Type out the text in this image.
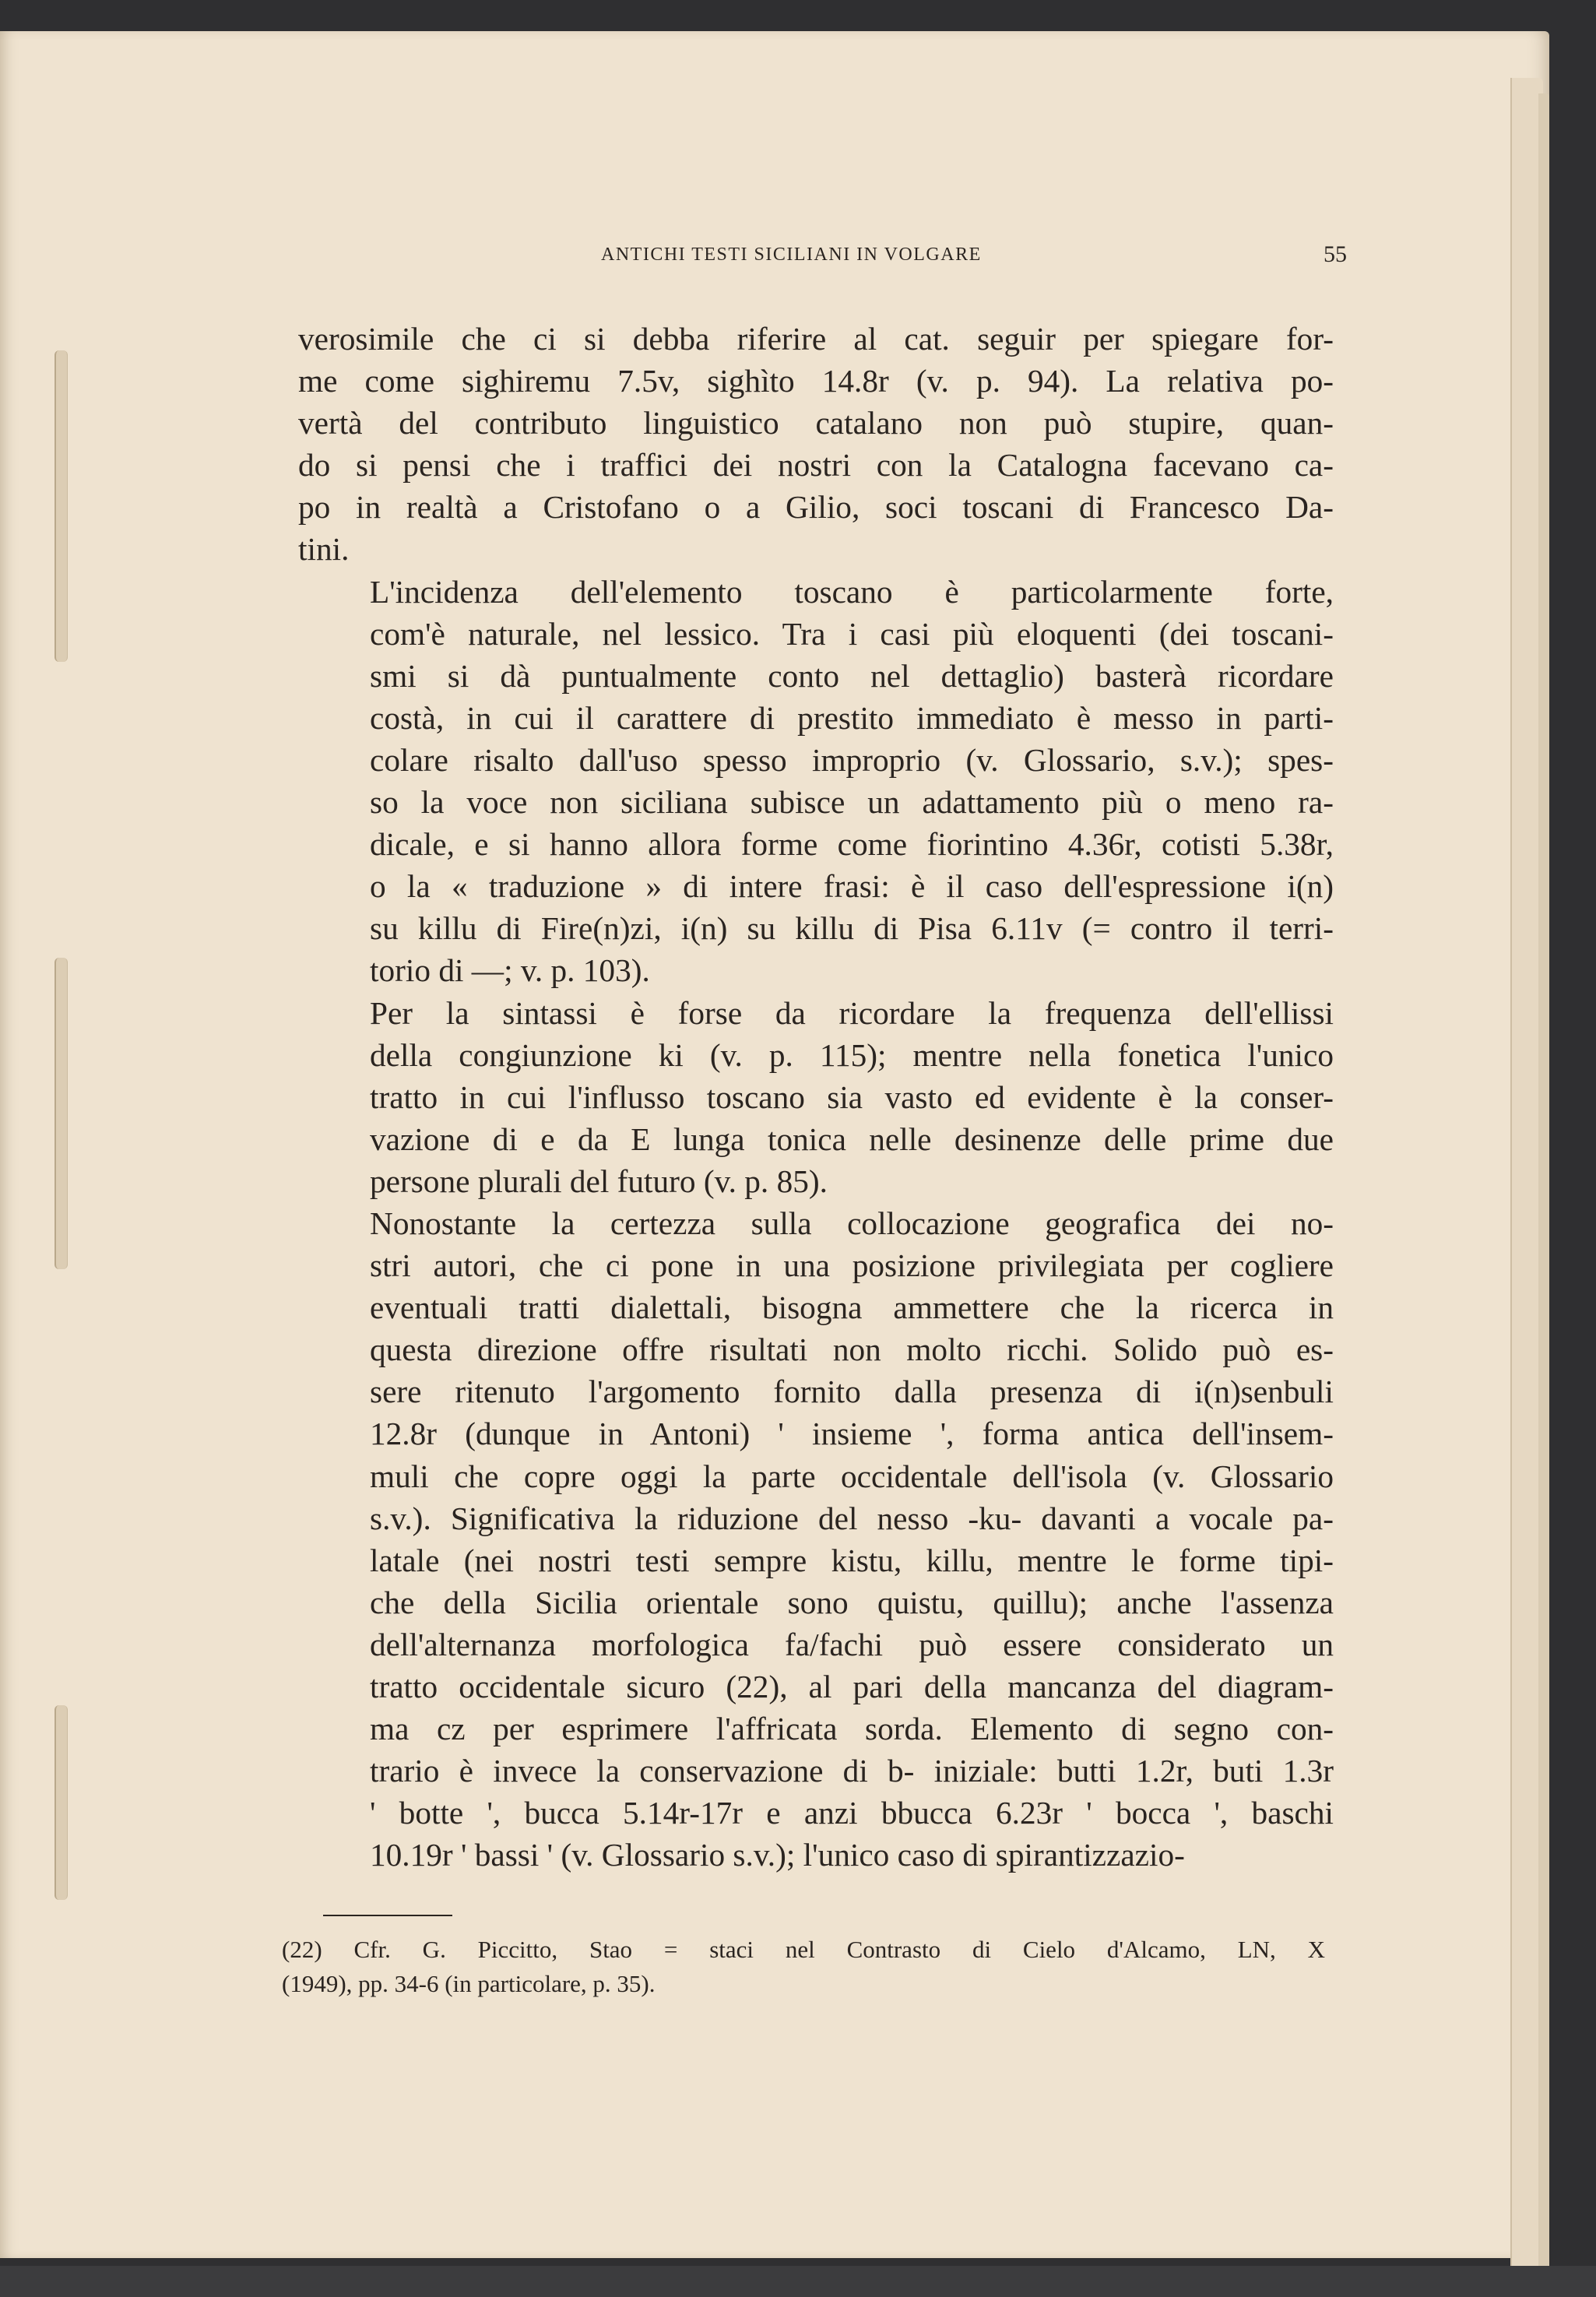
ANTICHI TESTI SICILIANI IN VOLGARE	55
verosimile che ci si debba riferire al cat. seguir per spiegare for-
me come sighiremu 7.5v, sighìto 14.8r (v. p. 94). La relativa po-
vertà del contributo linguistico catalano non può stupire, quan-
do si pensi che i traffici dei nostri con la Catalogna facevano ca-
po in realtà a Cristofano o a Gilio, soci toscani di Francesco Da-
tini.
L'incidenza dell'elemento toscano è particolarmente forte,
com'è naturale, nel lessico. Tra i casi più eloquenti (dei toscani-
smi si dà puntualmente conto nel dettaglio) basterà ricordare
costà, in cui il carattere di prestito immediato è messo in parti-
colare risalto dall'uso spesso improprio (v. Glossario, s.v.); spes-
so la voce non siciliana subisce un adattamento più o meno ra-
dicale, e si hanno allora forme come fiorintino 4.36r, cotisti 5.38r,
o la « traduzione » di intere frasi: è il caso dell'espressione i(n)
su killu di Fire(n)zi, i(n) su killu di Pisa 6.11v (= contro il terri-
torio di —; v. p. 103).
Per la sintassi è forse da ricordare la frequenza dell'ellissi
della congiunzione ki (v. p. 115); mentre nella fonetica l'unico
tratto in cui l'influsso toscano sia vasto ed evidente è la conser-
vazione di e da E lunga tonica nelle desinenze delle prime due
persone plurali del futuro (v. p. 85).
Nonostante la certezza sulla collocazione geografica dei no-
stri autori, che ci pone in una posizione privilegiata per cogliere
eventuali tratti dialettali, bisogna ammettere che la ricerca in
questa direzione offre risultati non molto ricchi. Solido può es-
sere ritenuto l'argomento fornito dalla presenza di i(n)senbuli
12.8r (dunque in Antoni) ' insieme ', forma antica dell'insem-
muli che copre oggi la parte occidentale dell'isola (v. Glossario
s.v.). Significativa la riduzione del nesso -ku- davanti a vocale pa-
latale (nei nostri testi sempre kistu, killu, mentre le forme tipi-
che della Sicilia orientale sono quistu, quillu); anche l'assenza
dell'alternanza morfologica fa/fachi può essere considerato un
tratto occidentale sicuro (22), al pari della mancanza del diagram-
ma cz per esprimere l'affricata sorda. Elemento di segno con-
trario è invece la conservazione di b- iniziale: butti 1.2r, buti 1.3r
' botte ', bucca 5.14r-17r e anzi bbucca 6.23r ' bocca ', baschi
10.19r ' bassi ' (v. Glossario s.v.); l'unico caso di spirantizzazio-
(22) Cfr. G. Piccitto, Stao = staci nel Contrasto di Cielo d'Alcamo, LN, X
(1949), pp. 34-6 (in particolare, p. 35).
